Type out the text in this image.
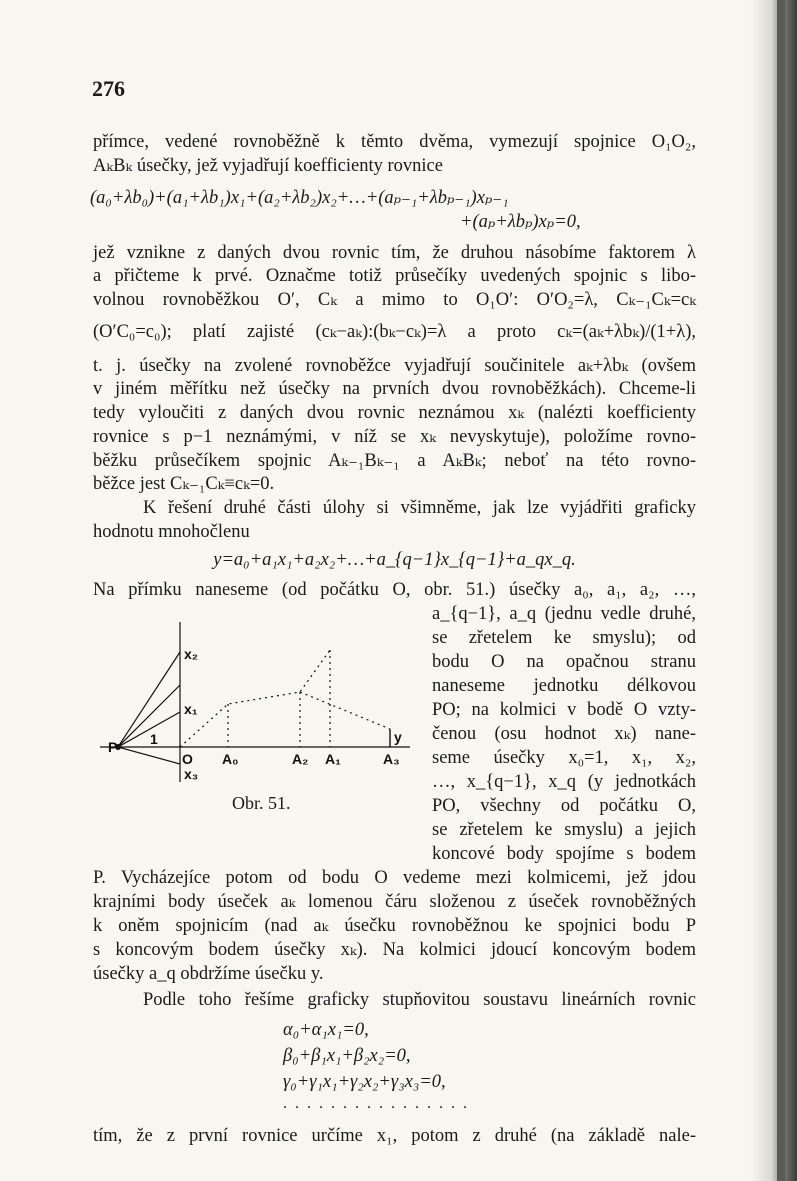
276
přímce, vedené rovnoběžně k těmto dvěma, vymezují spojnice O₁O₂,
AₖBₖ úsečky, jež vyjadřují koefficienty rovnice
(a₀+λb₀)+(a₁+λb₁)x₁+(a₂+λb₂)x₂+…+(aₚ₋₁+λbₚ₋₁)xₚ₋₁
+(aₚ+λbₚ)xₚ=0,
jež vznikne z daných dvou rovnic tím, že druhou násobíme faktorem λ
a přičteme k prvé. Označme totiž průsečíky uvedených spojnic s libo-
volnou rovnoběžkou O′, Cₖ a mimo to O₁O′: O′O₂=λ, Cₖ₋₁Cₖ=cₖ
(O′C₀=c₀); platí zajisté (cₖ−aₖ):(bₖ−cₖ)=λ a proto cₖ=(aₖ+λbₖ)/(1+λ),
t. j. úsečky na zvolené rovnoběžce vyjadřují součinitele aₖ+λbₖ (ovšem
v jiném měřítku než úsečky na prvních dvou rovnoběžkách). Chceme-li
tedy vyloučiti z daných dvou rovnic neznámou xₖ (nalézti koefficienty
rovnice s p−1 neznámými, v níž se xₖ nevyskytuje), položíme rovno-
běžku průsečíkem spojnic Aₖ₋₁Bₖ₋₁ a AₖBₖ; neboť na této rovno-
běžce jest Cₖ₋₁Cₖ≡cₖ=0.
K řešení druhé části úlohy si všimněme, jak lze vyjádřiti graficky
hodnotu mnohočlenu
y=a₀+a₁x₁+a₂x₂+…+a_{q−1}x_{q−1}+a_qx_q.
Na přímku naneseme (od počátku O, obr. 51.) úsečky a₀, a₁, a₂, …,
a_{q−1}, a_q (jednu vedle druhé,
se zřetelem ke smyslu); od
bodu O na opačnou stranu
naneseme jednotku délkovou
PO; na kolmici v bodě O vzty-
čenou (osu hodnot xₖ) nane-
seme úsečky x₀=1, x₁, x₂,
…, x_{q−1}, x_q (y jednotkách
PO, všechny od počátku O,
se zřetelem ke smyslu) a jejich
koncové body spojíme s bodem
P. Vycházejíce potom od bodu O vedeme mezi kolmicemi, jež jdou
krajními body úseček aₖ lomenou čáru složenou z úseček rovnoběžných
k oněm spojnicím (nad aₖ úsečku rovnoběžnou ke spojnici bodu P
s koncovým bodem úsečky xₖ). Na kolmici jdoucí koncovým bodem
úsečky a_q obdržíme úsečku y.
Podle toho řešíme graficky stupňovitou soustavu lineárních rovnic
α₀+α₁x₁=0,
β₀+β₁x₁+β₂x₂=0,
γ₀+γ₁x₁+γ₂x₂+γ₃x₃=0,
. . . . . . . . . . . . . . . .
tím, že z první rovnice určíme x₁, potom z druhé (na základě nale-
x₂
x₁
x₃
P 1
O A₀	A₂ A₁	A₃
y
Obr. 51.
